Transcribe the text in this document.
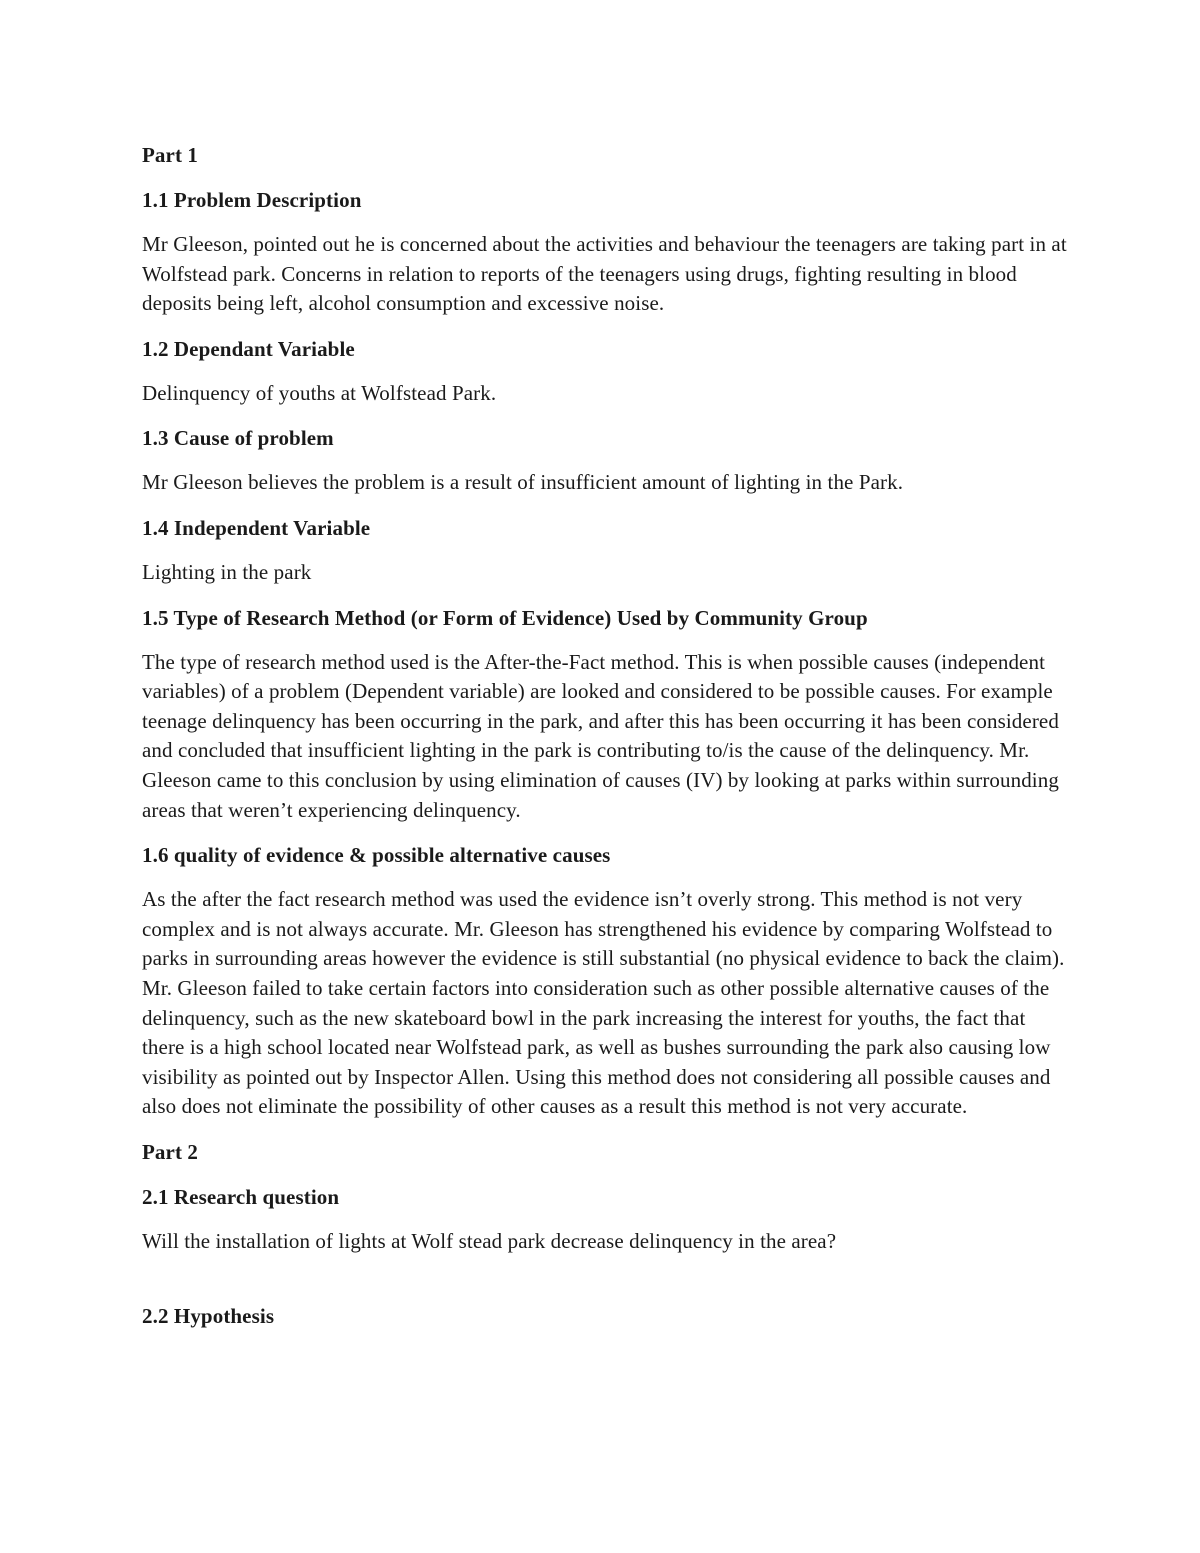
Part 1
1.1 Problem Description

Mr Gleeson, pointed out he is concerned about the activities and behaviour the teenagers are taking part in at Wolfstead park. Concerns in relation to reports of the teenagers using drugs, fighting resulting in blood deposits being left, alcohol consumption and excessive noise.

1.2 Dependant Variable

Delinquency of youths at Wolfstead Park.

1.3 Cause of problem

Mr Gleeson believes the problem is a result of insufficient amount of lighting in the Park.

1.4 Independent Variable

Lighting in the park

1.5 Type of Research Method (or Form of Evidence) Used by Community Group

The type of research method used is the After-the-Fact method. This is when possible causes (independent variables) of a problem (Dependent variable) are looked and considered to be possible causes. For example teenage delinquency has been occurring in the park, and after this has been occurring it has been considered and concluded that insufficient lighting in the park is contributing to/is the cause of the delinquency. Mr. Gleeson came to this conclusion by using elimination of causes (IV) by looking at parks within surrounding areas that weren’t experiencing delinquency.

1.6 quality of evidence & possible alternative causes

As the after the fact research method was used the evidence isn’t overly strong. This method is not very complex and is not always accurate. Mr. Gleeson has strengthened his evidence by comparing Wolfstead to parks in surrounding areas however the evidence is still substantial (no physical evidence to back the claim). Mr. Gleeson failed to take certain factors into consideration such as other possible alternative causes of the delinquency, such as the new skateboard bowl in the park increasing the interest for youths, the fact that there is a high school located near Wolfstead park, as well as bushes surrounding the park also causing low visibility as pointed out by Inspector Allen. Using this method does not considering all possible causes and also does not eliminate the possibility of other causes as a result this method is not very accurate.

Part 2
2.1 Research question

Will the installation of lights at Wolf stead park decrease delinquency in the area?

2.2 Hypothesis
